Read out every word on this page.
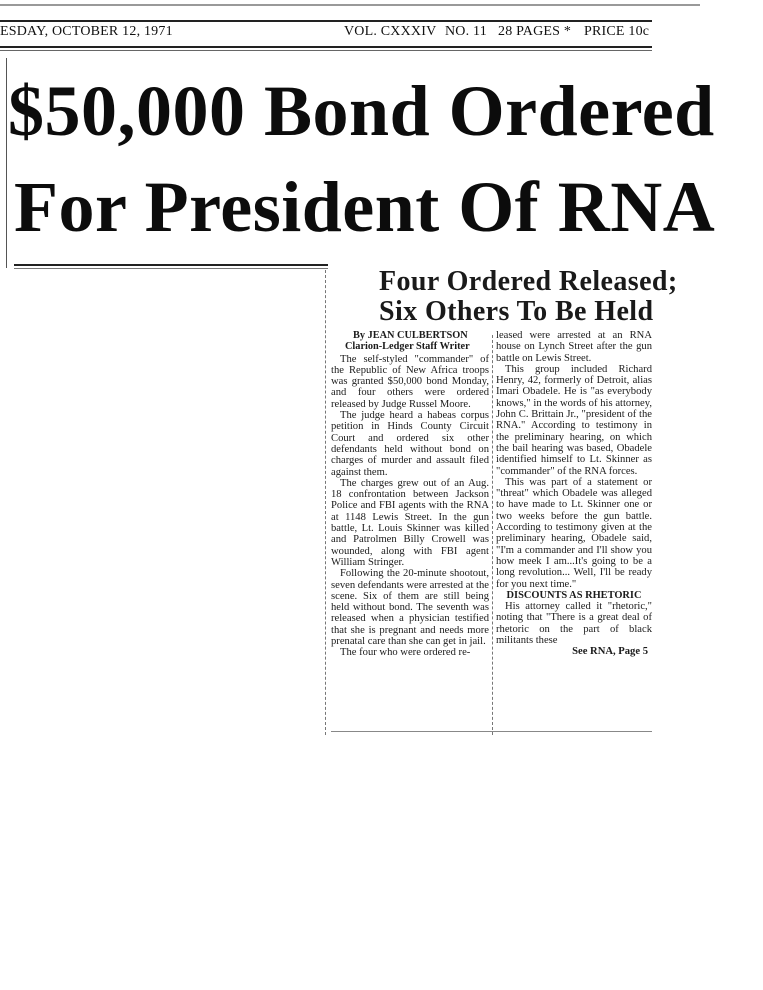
ESDAY, OCTOBER 12, 1971	VOL. CXXXIV NO. 11 28 PAGES * PRICE 10c
$50,000 Bond Ordered
For President Of RNA
Four Ordered Released;
Six Others To Be Held

By JEAN CULBERTSON

Clarion-Ledger Staff Writer

The self-styled "commander" of the Republic of New Africa troops was granted $50,000 bond Monday, and four others were ordered released by Judge Russel Moore.

The judge heard a habeas corpus petition in Hinds County Circuit Court and ordered six other defendants held without bond on charges of murder and assault filed against them.

The charges grew out of an Aug. 18 confrontation between Jackson Police and FBI agents with the RNA at 1148 Lewis Street. In the gun battle, Lt. Louis Skinner was killed and Patrolmen Billy Crowell was wounded, along with FBI agent William Stringer.

Following the 20-minute shootout, seven defendants were arrested at the scene. Six of them are still being held without bond. The seventh was released when a physician testified that she is pregnant and needs more prenatal care than she can get in jail.

The four who were ordered re-

leased were arrested at an RNA house on Lynch Street after the gun battle on Lewis Street.

This group included Richard Henry, 42, formerly of Detroit, alias Imari Obadele. He is "as everybody knows," in the words of his attorney, John C. Brittain Jr., "president of the RNA." According to testimony in the preliminary hearing, on which the bail hearing was based, Obadele identified himself to Lt. Skinner as "commander" of the RNA forces.

This was part of a statement or "threat" which Obadele was alleged to have made to Lt. Skinner one or two weeks before the gun battle. According to testimony given at the preliminary hearing, Obadele said, "I'm a commander and I'll show you how meek I am...It's going to be a long revolution... Well, I'll be ready for you next time."

DISCOUNTS AS RHETORIC

His attorney called it "rhetoric," noting that "There is a great deal of rhetoric on the part of black militants these

See RNA, Page 5
